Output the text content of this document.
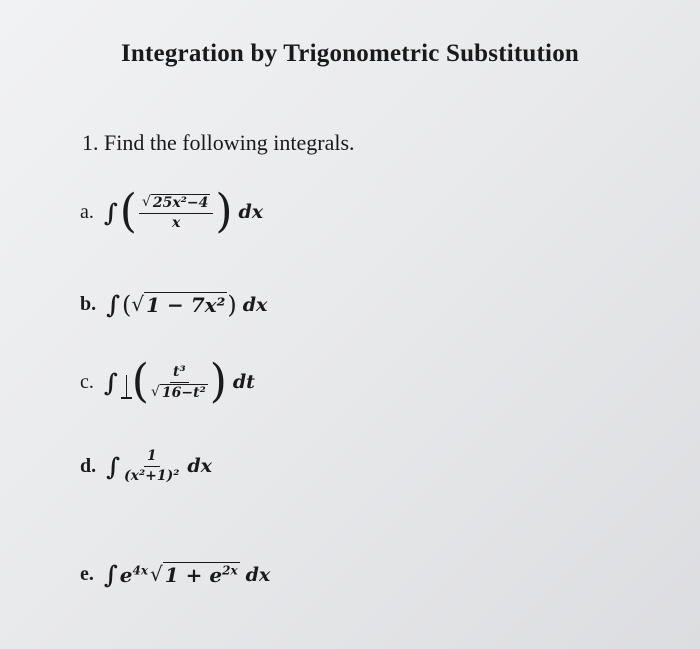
Integration by Trigonometric Substitution
1. Find the following integrals.
a. ∫ ( $\frac{\text{√ 25x²−4}}{x}$ ) dx
b. ∫ ( √ 1 − 7x² ) dx
c. ∫ ( $\frac{\text{t³}}{\text{√ 16−t²}}$ ) dt
d. ∫ $\frac{1}{\text{(x²+1)²}}$ dx
e. ∫ $e^{4x}$ √ $1 + e^{2x}$ dx
